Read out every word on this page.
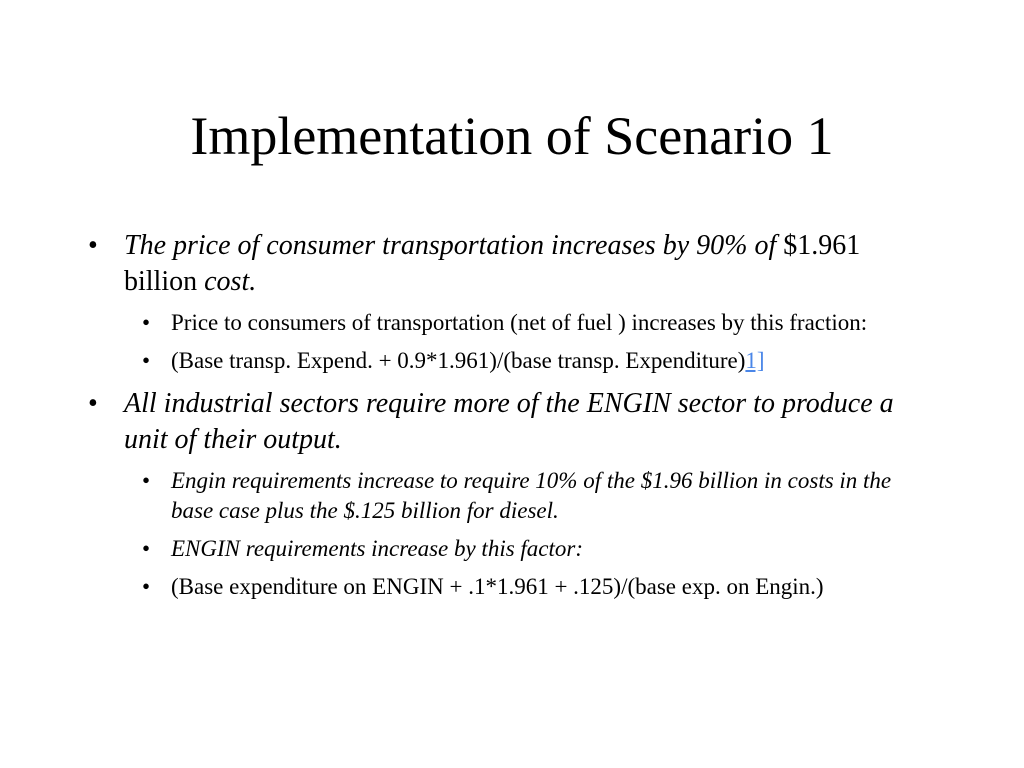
Implementation of Scenario 1
• The price of consumer transportation increases by 90% of $1.961 billion cost.
• Price to consumers of transportation (net of fuel ) increases by this fraction:
• (Base transp. Expend. + 0.9*1.961)/(base transp. Expenditure)1]
• All industrial sectors require more of the ENGIN sector to produce a unit of their output.
• Engin requirements increase to require 10% of the $1.96 billion in costs in the base case plus the $.125 billion for diesel.
• ENGIN requirements increase by this factor:
• (Base expenditure on ENGIN + .1*1.961 + .125)/(base exp. on Engin.)
